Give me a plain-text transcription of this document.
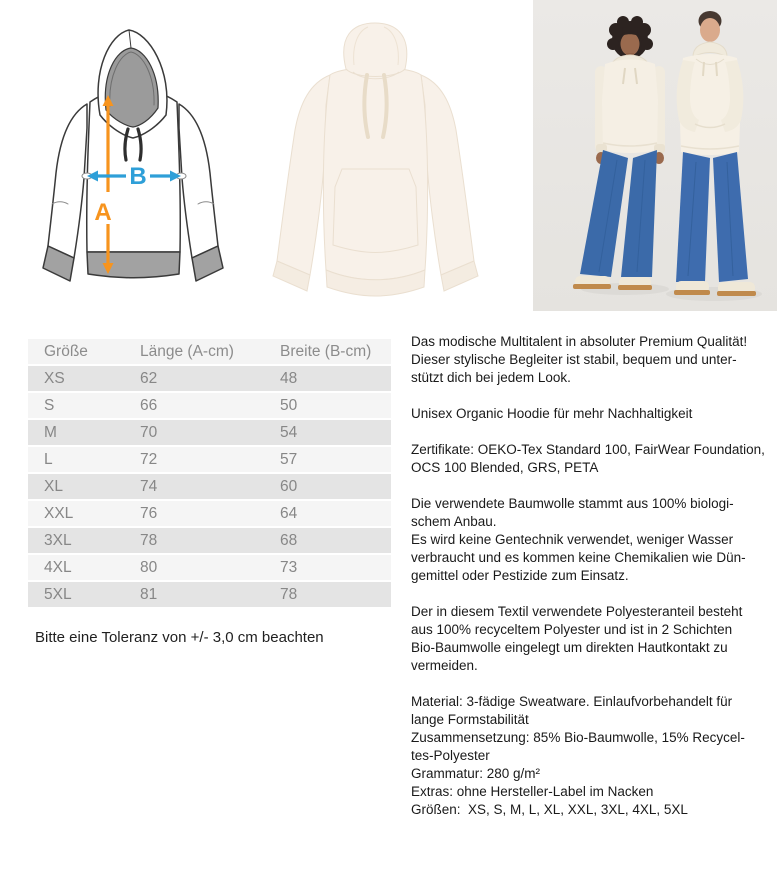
A
B
Größe	Länge (A-cm)	Breite (B-cm)
XS	62	48
S	66	50
M	70	54
L	72	57
XL	74	60
XXL	76	64
3XL	78	68
4XL	80	73
5XL	81	78
Bitte eine Toleranz von +/- 3,0 cm beachten
Das modische Multitalent in absoluter Premium Qualität!
Dieser stylische Begleiter ist stabil, bequem und unter-
stützt dich bei jedem Look.
Unisex Organic Hoodie für mehr Nachhaltigkeit
Zertifikate: OEKO-Tex Standard 100, FairWear Foundation,
OCS 100 Blended, GRS, PETA
Die verwendete Baumwolle stammt aus 100% biologi-
schem Anbau.
Es wird keine Gentechnik verwendet, weniger Wasser
verbraucht und es kommen keine Chemikalien wie Dün-
gemittel oder Pestizide zum Einsatz.
Der in diesem Textil verwendete Polyesteranteil besteht
aus 100% recyceltem Polyester und ist in 2 Schichten
Bio-Baumwolle eingelegt um direkten Hautkontakt zu
vermeiden.
Material: 3-fädige Sweatware. Einlaufvorbehandelt für
lange Formstabilität
Zusammensetzung: 85% Bio-Baumwolle, 15% Recycel-
tes-Polyester
Grammatur: 280 g/m²
Extras: ohne Hersteller-Label im Nacken
Größen:  XS, S, M, L, XL, XXL, 3XL, 4XL, 5XL
